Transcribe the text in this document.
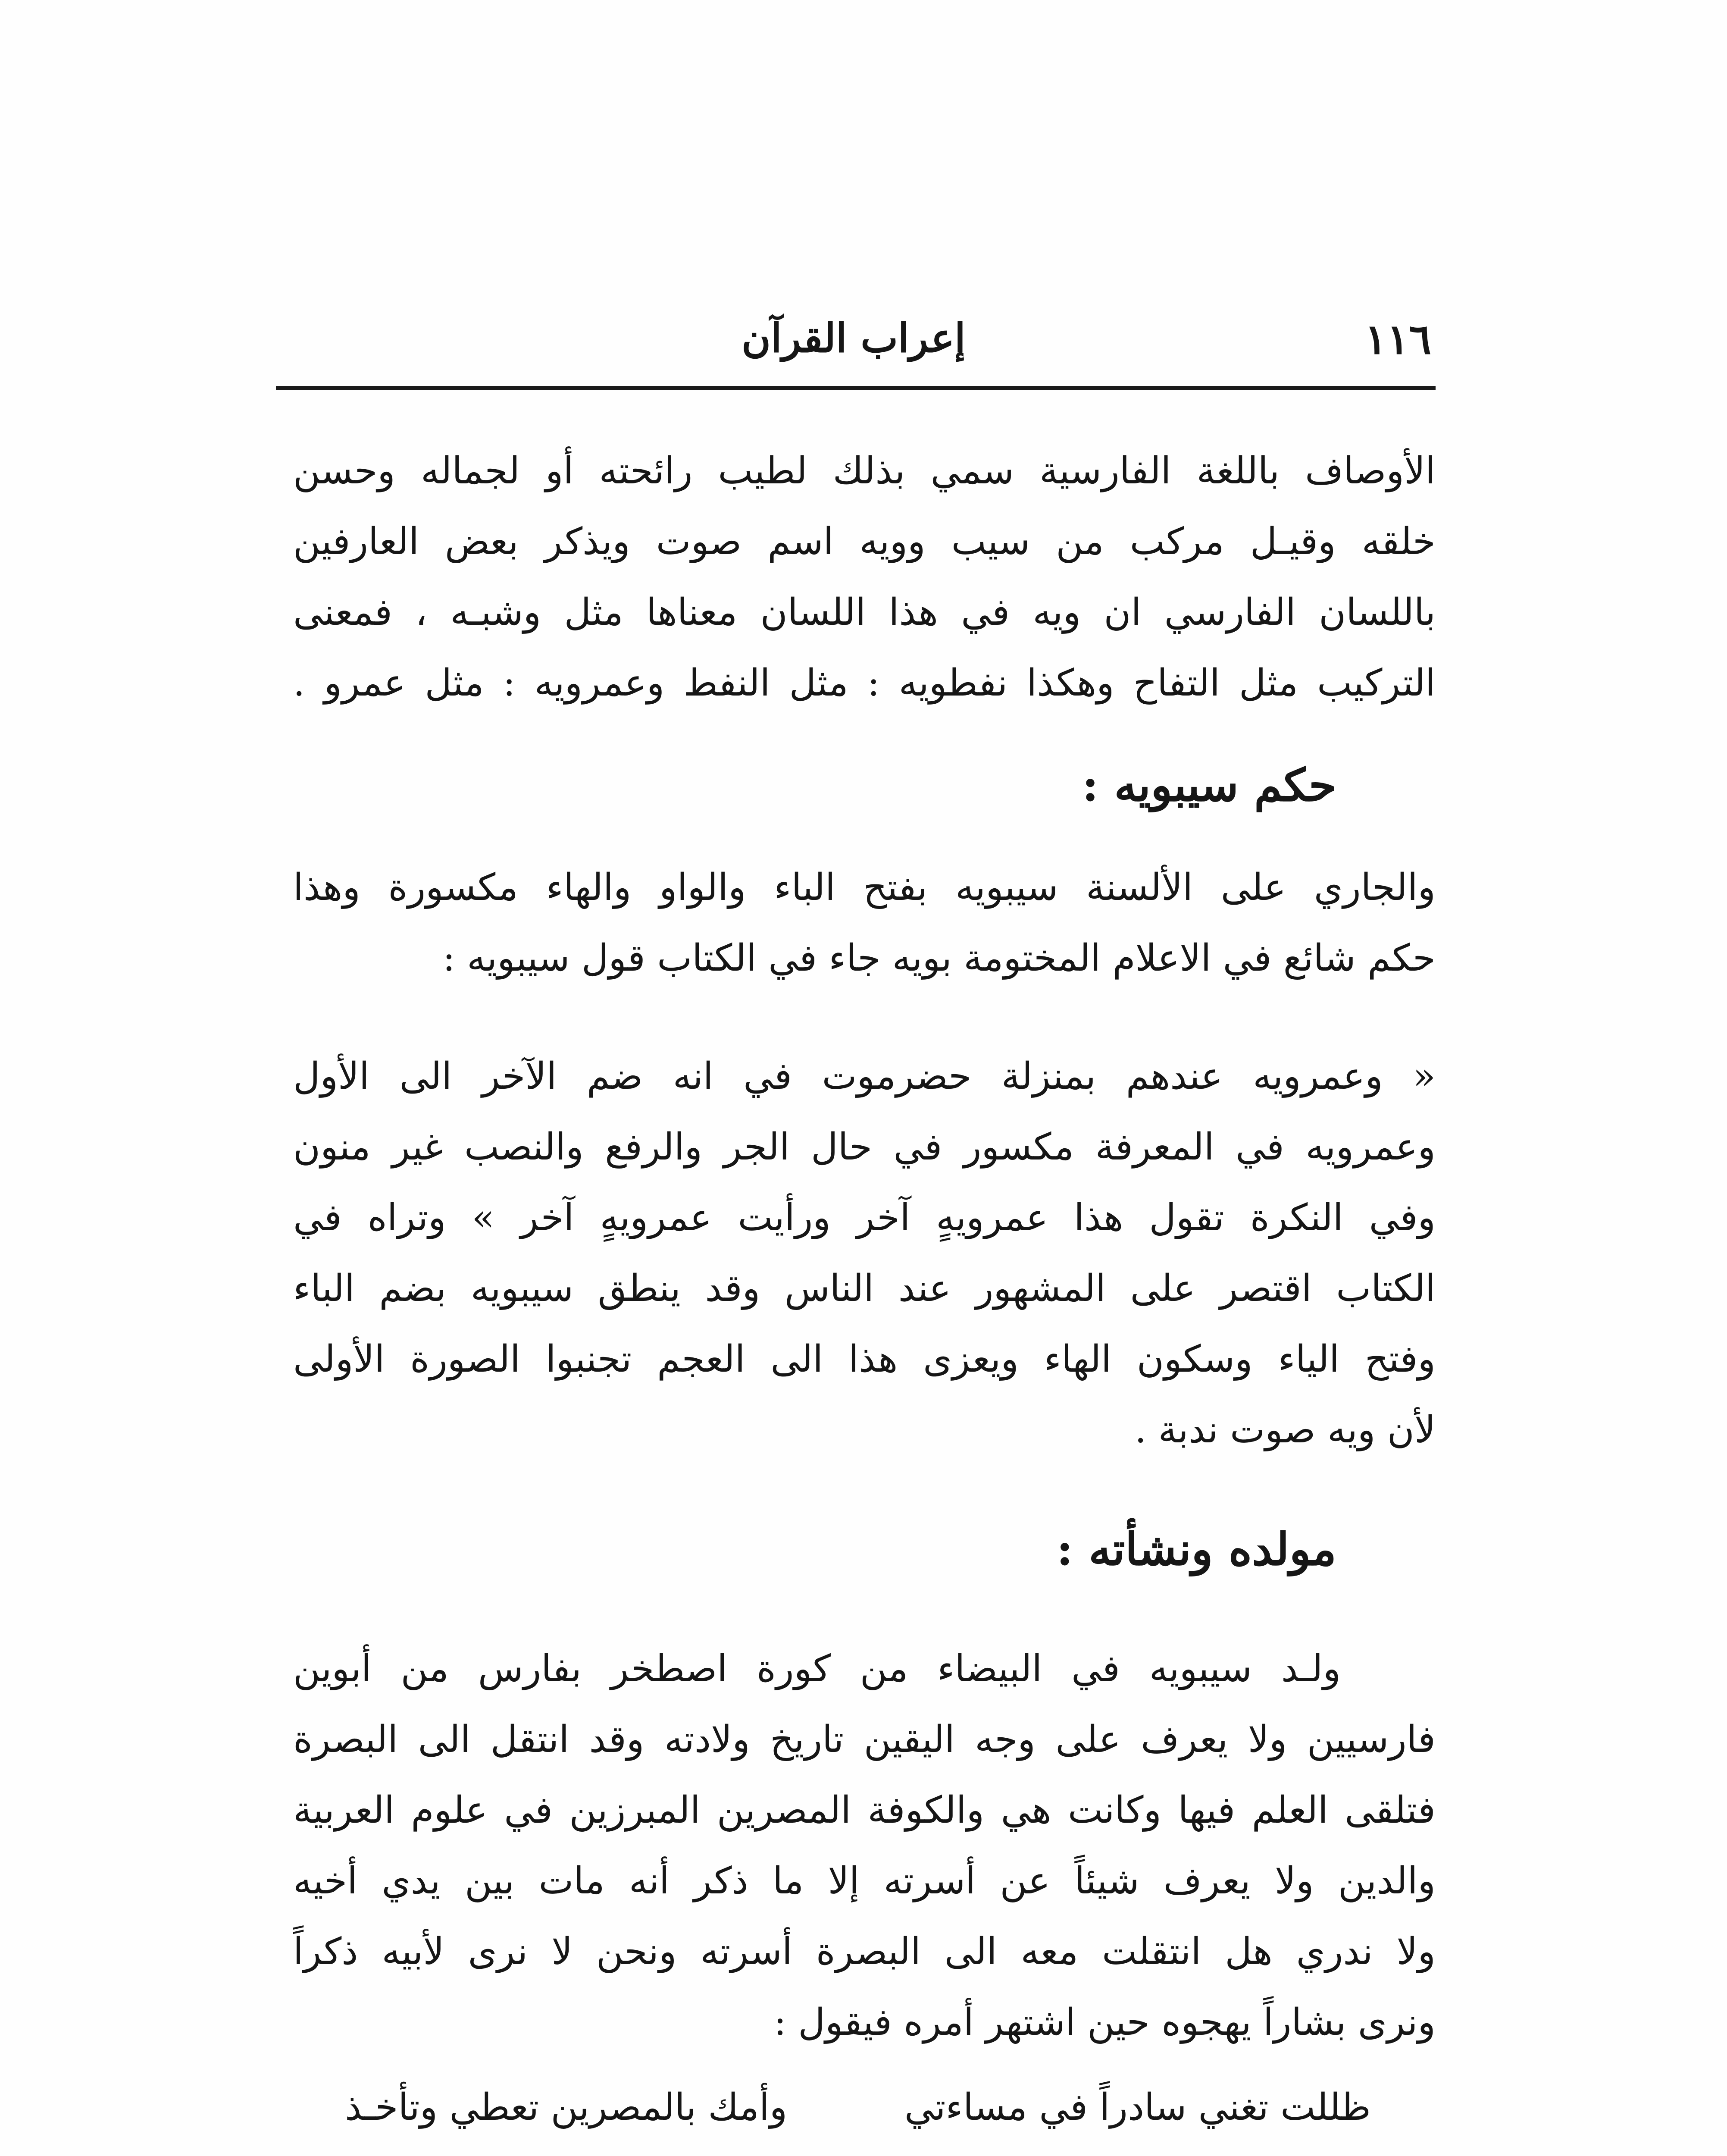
١١٦
إعراب القرآن
الأوصاف باللغة الفارسية سمي بذلك لطيب رائحته أو لجماله وحسن
خلقه وقيـل مركب من سيب وويه اسم صوت ويذكر بعض العارفين
باللسان الفارسي ان ويه في هذا اللسان معناها مثل وشبـه ، فمعنى
التركيب مثل التفاح وهكذا نفطويه : مثل النفط وعمرويه : مثل عمرو .
حكم سيبويه :
والجاري على الألسنة سيبويه بفتح الباء والواو والهاء مكسورة وهذا
حكم شائع في الاعلام المختومة بويه جاء في الكتاب قول سيبويه :
« وعمرويه عندهم بمنزلة حضرموت في انه ضم الآخر الى الأول
وعمرويه في المعرفة مكسور في حال الجر والرفع والنصب غير منون
وفي النكرة تقول هذا عمرويهٍ آخر ورأيت عمرويهٍ آخر » وتراه في
الكتاب اقتصر على المشهور عند الناس وقد ينطق سيبويه بضم الباء
وفتح الياء وسكون الهاء ويعزى هذا الى العجم تجنبوا الصورة الأولى
لأن ويه صوت ندبة .
مولده ونشأته :
ولـد سيبويه في البيضاء من كورة اصطخر بفارس من أبوين
فارسيين ولا يعرف على وجه اليقين تاريخ ولادته وقد انتقل الى البصرة
فتلقى العلم فيها وكانت هي والكوفة المصرين المبرزين في علوم العربية
والدين ولا يعرف شيئاً عن أسرته إلا ما ذكر أنه مات بين يدي أخيه
ولا ندري هل انتقلت معه الى البصرة أسرته ونحن لا نرى لأبيه ذكراً
ونرى بشاراً يهجوه حين اشتهر أمره فيقول :
ظللت تغني سادراً في مساءتي
وأمك بالمصرين تعطي وتأخـذ
